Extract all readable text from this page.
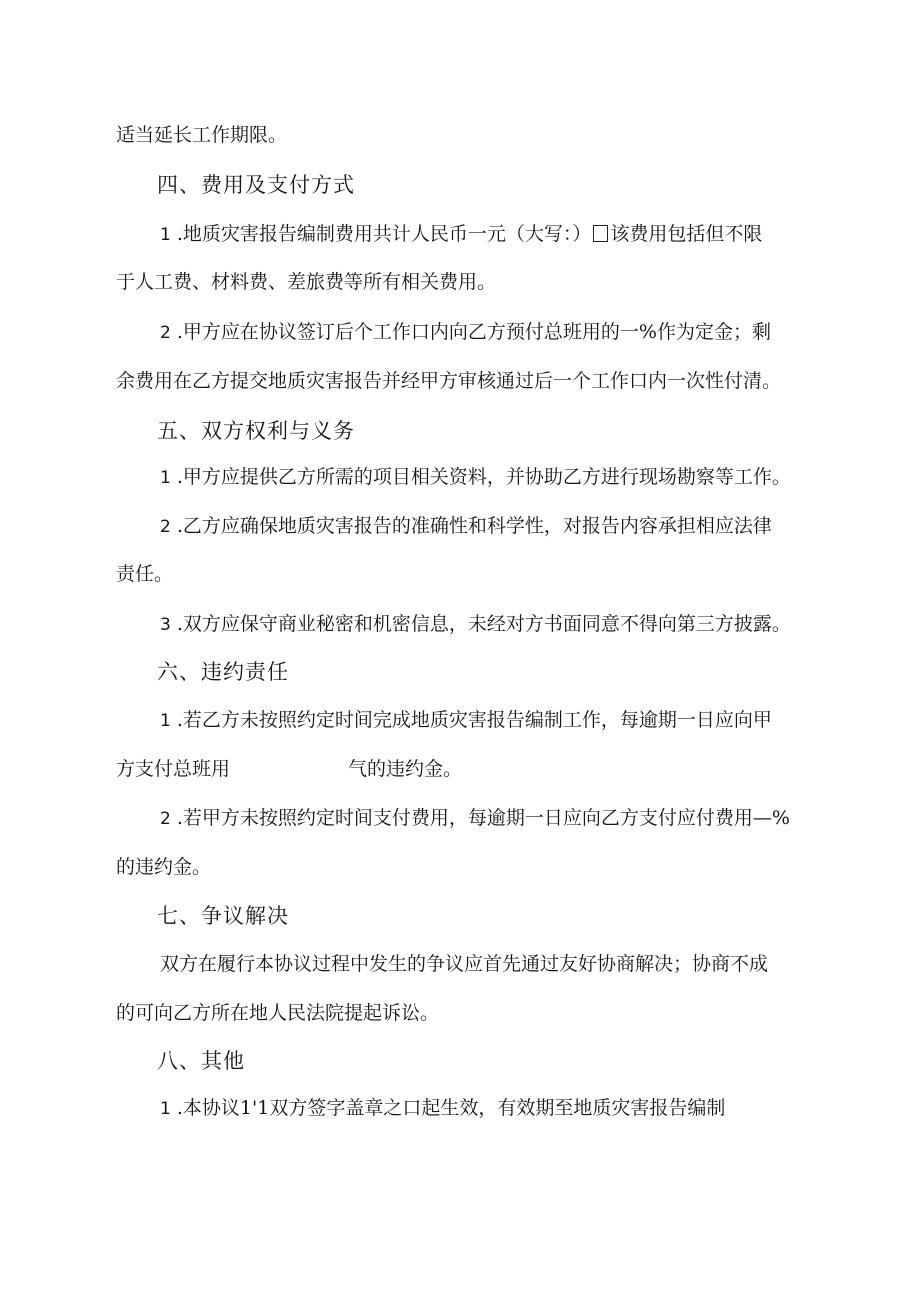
适当延长工作期限。
四、费用及支付方式
1 .地质灾害报告编制费用共计人民币一元（大写：） 该费用包括但不限
于人工费、材料费、差旅费等所有相关费用。
2 .甲方应在协议签订后个工作口内向乙方预付总班用的一%作为定金；剩
余费用在乙方提交地质灾害报告并经甲方审核通过后一个工作口内一次性付清。
五、双方权利与义务
1 .甲方应提供乙方所需的项目相关资料，并协助乙方进行现场勘察等工作。
2 .乙方应确保地质灾害报告的准确性和科学性，对报告内容承担相应法律
责任。
3 .双方应保守商业秘密和机密信息，未经对方书面同意不得向第三方披露。
六、违约责任
1 .若乙方未按照约定时间完成地质灾害报告编制工作，每逾期一日应向甲
方支付总班用	气的违约金。
2 .若甲方未按照约定时间支付费用，每逾期一日应向乙方支付应付费用—%
的违约金。
七、争议解决
双方在履行本协议过程中发生的争议应首先通过友好协商解决；协商不成
的可向乙方所在地人民法院提起诉讼。
八、其他
1 .本协议1'1双方签字盖章之口起生效，有效期至地质灾害报告编制
